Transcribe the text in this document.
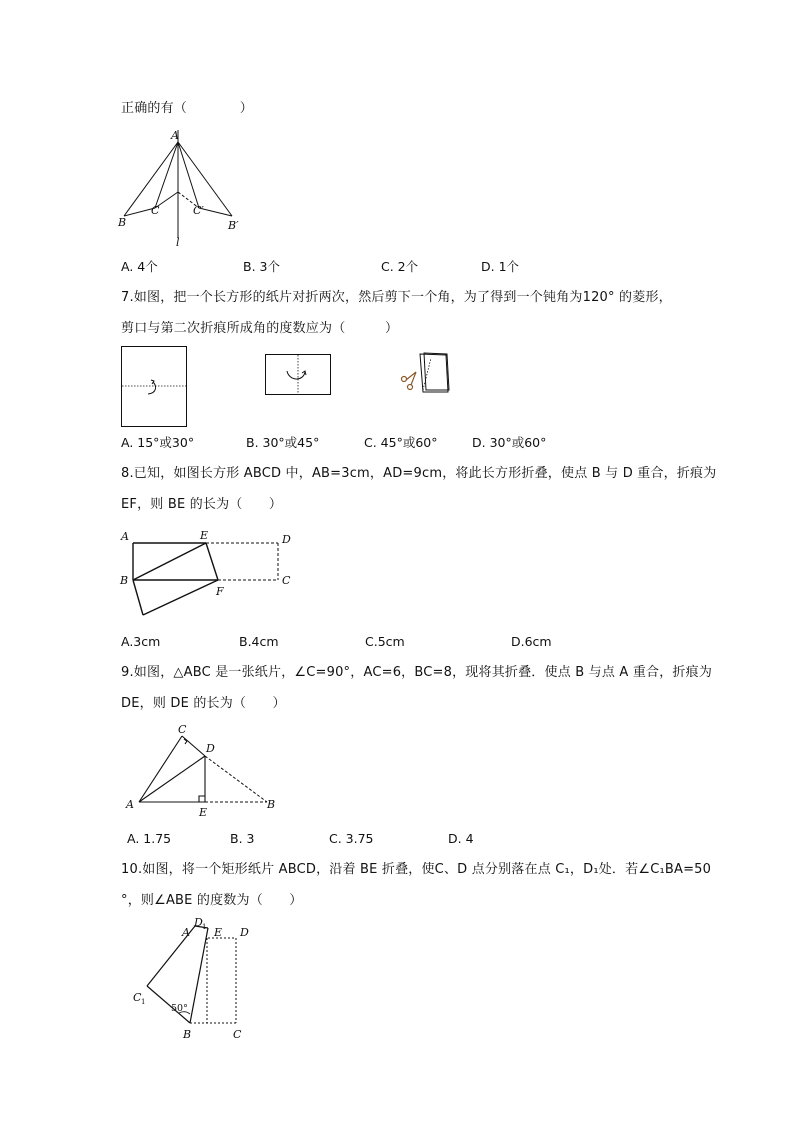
正确的有（　　　　）
A
B
C	C′
B′
l
A. 4个	B. 3个	C. 2个	D. 1个
7.如图，把一个长方形的纸片对折两次，然后剪下一个角，为了得到一个钝角为120° 的菱形，
剪口与第二次折痕所成角的度数应为（　　　）
A. 15°或30°	B. 30°或45°	C. 45°或60°	D. 30°或60°
8.已知，如图长方形 ABCD 中，AB=3cm，AD=9cm，将此长方形折叠，使点 B 与 D 重合，折痕为
EF，则 BE 的长为（　　）
A	E	D
B	C
F
A.3cm	B.4cm	C.5cm	D.6cm
9.如图，△ABC 是一张纸片，∠C=90°，AC=6，BC=8，现将其折叠．使点 B 与点 A 重合，折痕为
DE，则 DE 的长为（　　）
C
D
A
E
B
A. 1.75	B. 3	C. 3.75	D. 4
10.如图，将一个矩形纸片 ABCD，沿着 BE 折叠，使C、D 点分别落在点 C₁，D₁处．若∠C₁BA=50
°，则∠ABE 的度数为（　　）
D 1
A E D
C 1
50°
B	C
